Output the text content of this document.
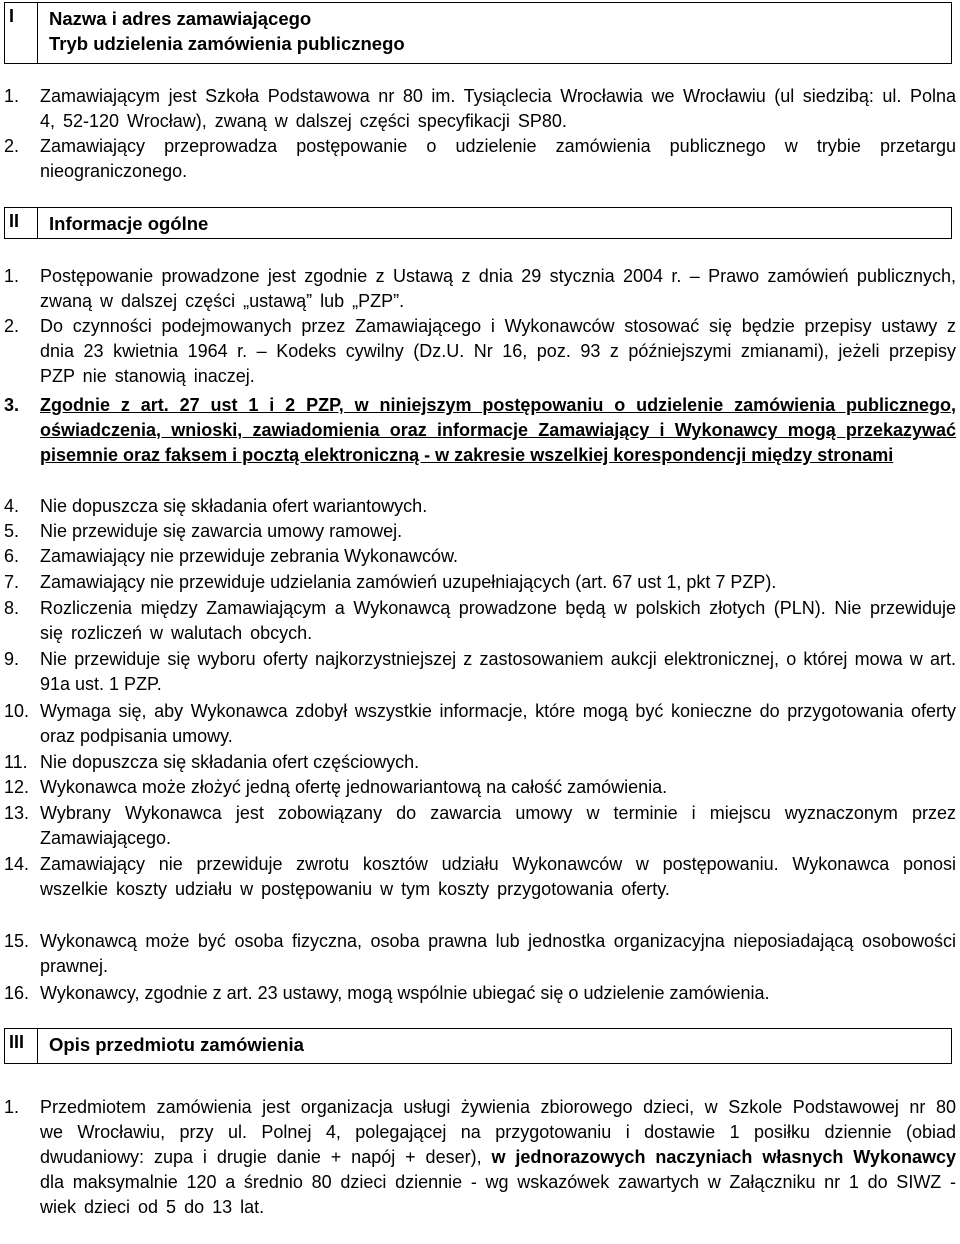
I	Nazwa i adres zamawiającego
Tryb udzielenia zamówienia publicznego
1. Zamawiającym jest Szkoła Podstawowa nr 80 im. Tysiąclecia Wrocławia we Wrocławiu (ul siedzibą: ul. Polna 4, 52-120 Wrocław), zwaną w dalszej części specyfikacji SP80.
2. Zamawiający przeprowadza postępowanie o udzielenie zamówienia publicznego w trybie przetargu nieograniczonego.
II	Informacje ogólne
1. Postępowanie prowadzone jest zgodnie z Ustawą z dnia 29 stycznia 2004 r. – Prawo zamówień publicznych, zwaną w dalszej części „ustawą” lub „PZP”.
2. Do czynności podejmowanych przez Zamawiającego i Wykonawców stosować się będzie przepisy ustawy z dnia 23 kwietnia 1964 r. – Kodeks cywilny (Dz.U. Nr 16, poz. 93 z późniejszymi zmianami), jeżeli przepisy PZP nie stanowią inaczej.
3. Zgodnie z art. 27 ust 1 i 2 PZP, w niniejszym postępowaniu o udzielenie zamówienia publicznego, oświadczenia, wnioski, zawiadomienia oraz informacje Zamawiający i Wykonawcy mogą przekazywać pisemnie oraz faksem i pocztą elektroniczną - w zakresie wszelkiej korespondencji między stronami
4. Nie dopuszcza się składania ofert wariantowych.
5. Nie przewiduje się zawarcia umowy ramowej.
6. Zamawiający nie przewiduje zebrania Wykonawców.
7. Zamawiający nie przewiduje udzielania zamówień uzupełniających (art. 67 ust 1, pkt 7 PZP).
8. Rozliczenia między Zamawiającym a Wykonawcą prowadzone będą w polskich złotych (PLN). Nie przewiduje się rozliczeń w walutach obcych.
9. Nie przewiduje się wyboru oferty najkorzystniejszej z zastosowaniem aukcji elektronicznej, o której mowa w art. 91a ust. 1 PZP.
10. Wymaga się, aby Wykonawca zdobył wszystkie informacje, które mogą być konieczne do przygotowania oferty oraz podpisania umowy.
11. Nie dopuszcza się składania ofert częściowych.
12. Wykonawca może złożyć jedną ofertę jednowariantową na całość zamówienia.
13. Wybrany Wykonawca jest zobowiązany do zawarcia umowy w terminie i miejscu wyznaczonym przez Zamawiającego.
14. Zamawiający nie przewiduje zwrotu kosztów udziału Wykonawców w postępowaniu. Wykonawca ponosi wszelkie koszty udziału w postępowaniu w tym koszty przygotowania oferty.
15. Wykonawcą może być osoba fizyczna, osoba prawna lub jednostka organizacyjna nieposiadającą osobowości prawnej.
16. Wykonawcy, zgodnie z art. 23 ustawy, mogą wspólnie ubiegać się o udzielenie zamówienia.
III	Opis przedmiotu zamówienia
1. Przedmiotem zamówienia jest organizacja usługi żywienia zbiorowego dzieci, w Szkole Podstawowej nr 80 we Wrocławiu, przy ul. Polnej 4, polegającej na przygotowaniu i dostawie 1 posiłku dziennie (obiad dwudaniowy: zupa i drugie danie + napój + deser), w jednorazowych naczyniach własnych Wykonawcy dla maksymalnie 120 a średnio 80 dzieci dziennie - wg wskazówek zawartych w Załączniku nr 1 do SIWZ - wiek dzieci od 5 do 13 lat.
